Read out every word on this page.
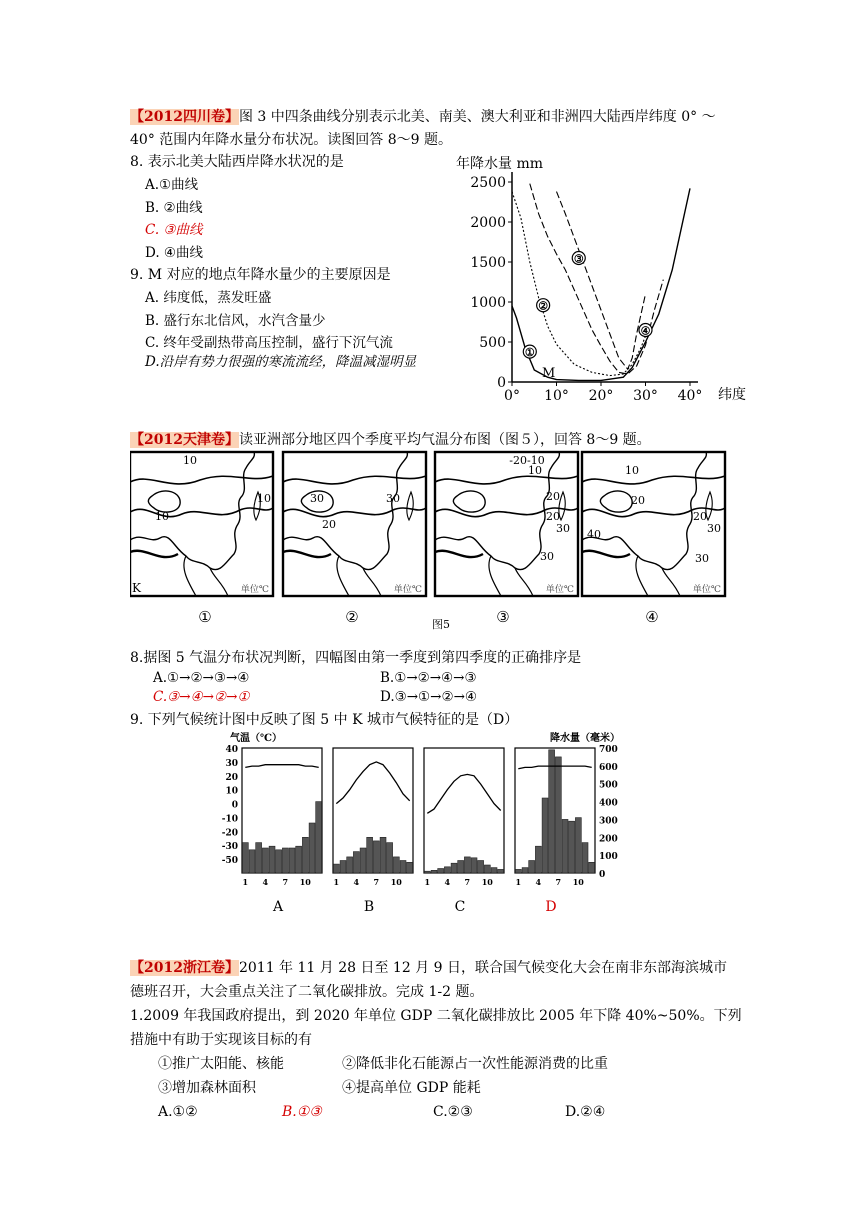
【2012四川卷】图 3 中四条曲线分别表示北美、南美、澳大利亚和非洲四大陆西岸纬度 0° ～
40° 范围内年降水量分布状况。读图回答 8～9 题。
8. 表示北美大陆西岸降水状况的是
A.①曲线
B. ②曲线
C. ③曲线
D. ④曲线
9. M 对应的地点年降水量少的主要原因是
A. 纬度低，蒸发旺盛
B. 盛行东北信风，水汽含量少
C. 终年受副热带高压控制，盛行下沉气流
D.沿岸有势力很强的寒流流经，降温减湿明显
年降水量 mm
纬度
0
500
1000
1500
2000
2500
0° 10° 20° 30° 40°
①
②
③
④
M
【2012天津卷】读亚洲部分地区四个季度平均气温分布图（图５），回答 8～9 题。
10
10
10
单位℃
K
①
30
20
30
单位℃
②
-20-10
10
20
20
30
30
单位℃
③
10
20
20
40	30
30
单位℃
④
图5
8.据图 5 气温分布状况判断，四幅图由第一季度到第四季度的正确排序是
A.①→②→③→④	B.①→②→④→③
C.③→④→②→①	D.③→①→②→④
9. 下列气候统计图中反映了图 5 中 K 城市气候特征的是（D）
气温（℃）	降水量（毫米）
40
30
20
10
0
-10
-20
-30
-50
700
600
500
400
300
200
100
0
1 4 7 10
A
1 4 7 10
B
1 4 7 10
C
1 4 7 10
D
【2012浙江卷】2011 年 11 月 28 日至 12 月 9 日，联合国气候变化大会在南非东部海滨城市
德班召开，大会重点关注了二氧化碳排放。完成 1-2 题。
1.2009 年我国政府提出，到 2020 年单位 GDP 二氧化碳排放比 2005 年下降 40%~50%。下列
措施中有助于实现该目标的有
①推广太阳能、核能	②降低非化石能源占一次性能源消费的比重
③增加森林面积	④提高单位 GDP 能耗
A.①②	B.①③	C.②③	D.②④
